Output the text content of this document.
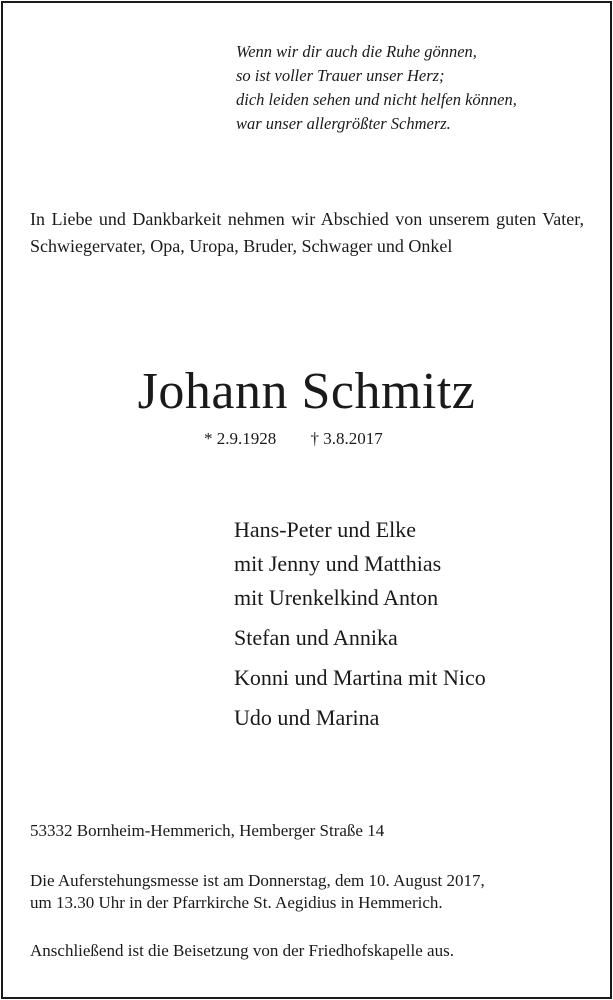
Wenn wir dir auch die Ruhe gönnen,
so ist voller Trauer unser Herz;
dich leiden sehen und nicht helfen können,
war unser allergrößter Schmerz.
In Liebe und Dankbarkeit nehmen wir Abschied von unserem guten Vater, Schwiegervater, Opa, Uropa, Bruder, Schwager und Onkel
Johann Schmitz
* 2.9.1928 † 3.8.2017
Hans-Peter und Elke
mit Jenny und Matthias
mit Urenkelkind Anton
Stefan und Annika
Konni und Martina mit Nico
Udo und Marina
53332 Bornheim-Hemmerich, Hemberger Straße 14
Die Auferstehungsmesse ist am Donnerstag, dem 10. August 2017,
um 13.30 Uhr in der Pfarrkirche St. Aegidius in Hemmerich.
Anschließend ist die Beisetzung von der Friedhofskapelle aus.
